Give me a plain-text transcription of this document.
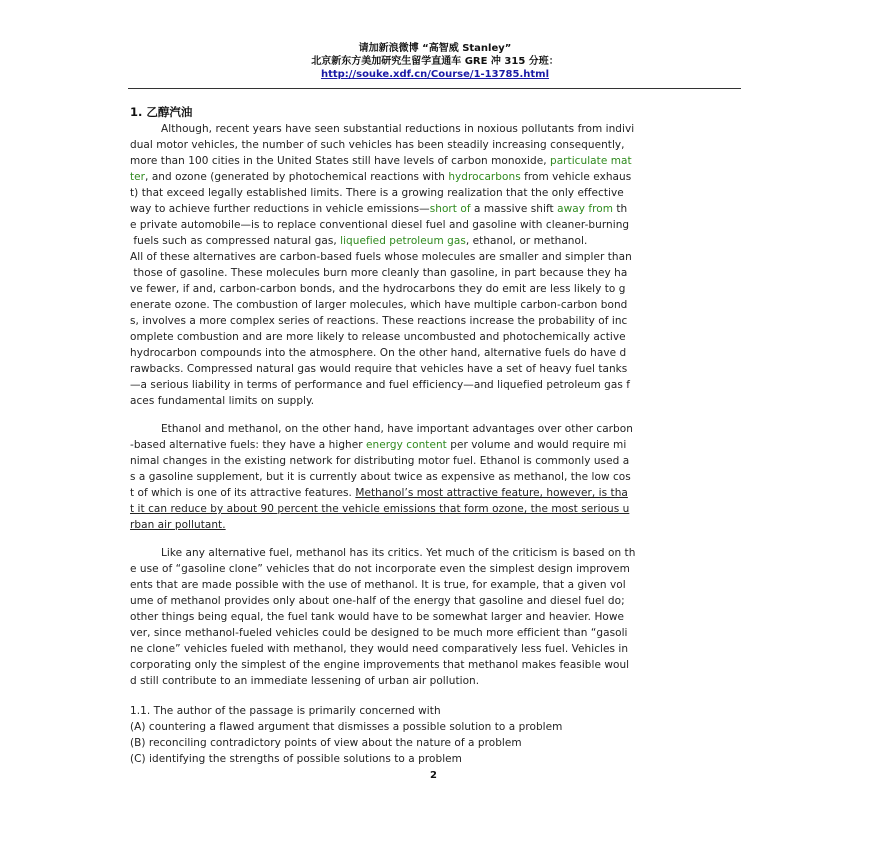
请加新浪微博 “高智威 Stanley”
北京新东方美加研究生留学直通车 GRE 冲 315 分班：
http://souke.xdf.cn/Course/1-13785.html
1. 乙醇汽油
Although, recent years have seen substantial reductions in noxious pollutants from indivi
dual motor vehicles, the number of such vehicles has been steadily increasing consequently,
more than 100 cities in the United States still have levels of carbon monoxide, particulate mat
ter, and ozone (generated by photochemical reactions with hydrocarbons from vehicle exhaus
t) that exceed legally established limits. There is a growing realization that the only effective
way to achieve further reductions in vehicle emissions—short of a massive shift away from th
e private automobile—is to replace conventional diesel fuel and gasoline with cleaner-burning
fuels such as compressed natural gas, liquefied petroleum gas, ethanol, or methanol.
All of these alternatives are carbon-based fuels whose molecules are smaller and simpler than
those of gasoline. These molecules burn more cleanly than gasoline, in part because they ha
ve fewer, if and, carbon-carbon bonds, and the hydrocarbons they do emit are less likely to g
enerate ozone. The combustion of larger molecules, which have multiple carbon-carbon bond
s, involves a more complex series of reactions. These reactions increase the probability of inc
omplete combustion and are more likely to release uncombusted and photochemically active
hydrocarbon compounds into the atmosphere. On the other hand, alternative fuels do have d
rawbacks. Compressed natural gas would require that vehicles have a set of heavy fuel tanks
—a serious liability in terms of performance and fuel efficiency—and liquefied petroleum gas f
aces fundamental limits on supply.
Ethanol and methanol, on the other hand, have important advantages over other carbon
-based alternative fuels: they have a higher energy content per volume and would require mi
nimal changes in the existing network for distributing motor fuel. Ethanol is commonly used a
s a gasoline supplement, but it is currently about twice as expensive as methanol, the low cos
t of which is one of its attractive features. Methanol’s most attractive feature, however, is tha
t it can reduce by about 90 percent the vehicle emissions that form ozone, the most serious u
rban air pollutant.
Like any alternative fuel, methanol has its critics. Yet much of the criticism is based on th
e use of “gasoline clone” vehicles that do not incorporate even the simplest design improvem
ents that are made possible with the use of methanol. It is true, for example, that a given vol
ume of methanol provides only about one-half of the energy that gasoline and diesel fuel do;
other things being equal, the fuel tank would have to be somewhat larger and heavier. Howe
ver, since methanol-fueled vehicles could be designed to be much more efficient than “gasoli
ne clone” vehicles fueled with methanol, they would need comparatively less fuel. Vehicles in
corporating only the simplest of the engine improvements that methanol makes feasible woul
d still contribute to an immediate lessening of urban air pollution.
1.1. The author of the passage is primarily concerned with
(A) countering a flawed argument that dismisses a possible solution to a problem
(B) reconciling contradictory points of view about the nature of a problem
(C) identifying the strengths of possible solutions to a problem
2
